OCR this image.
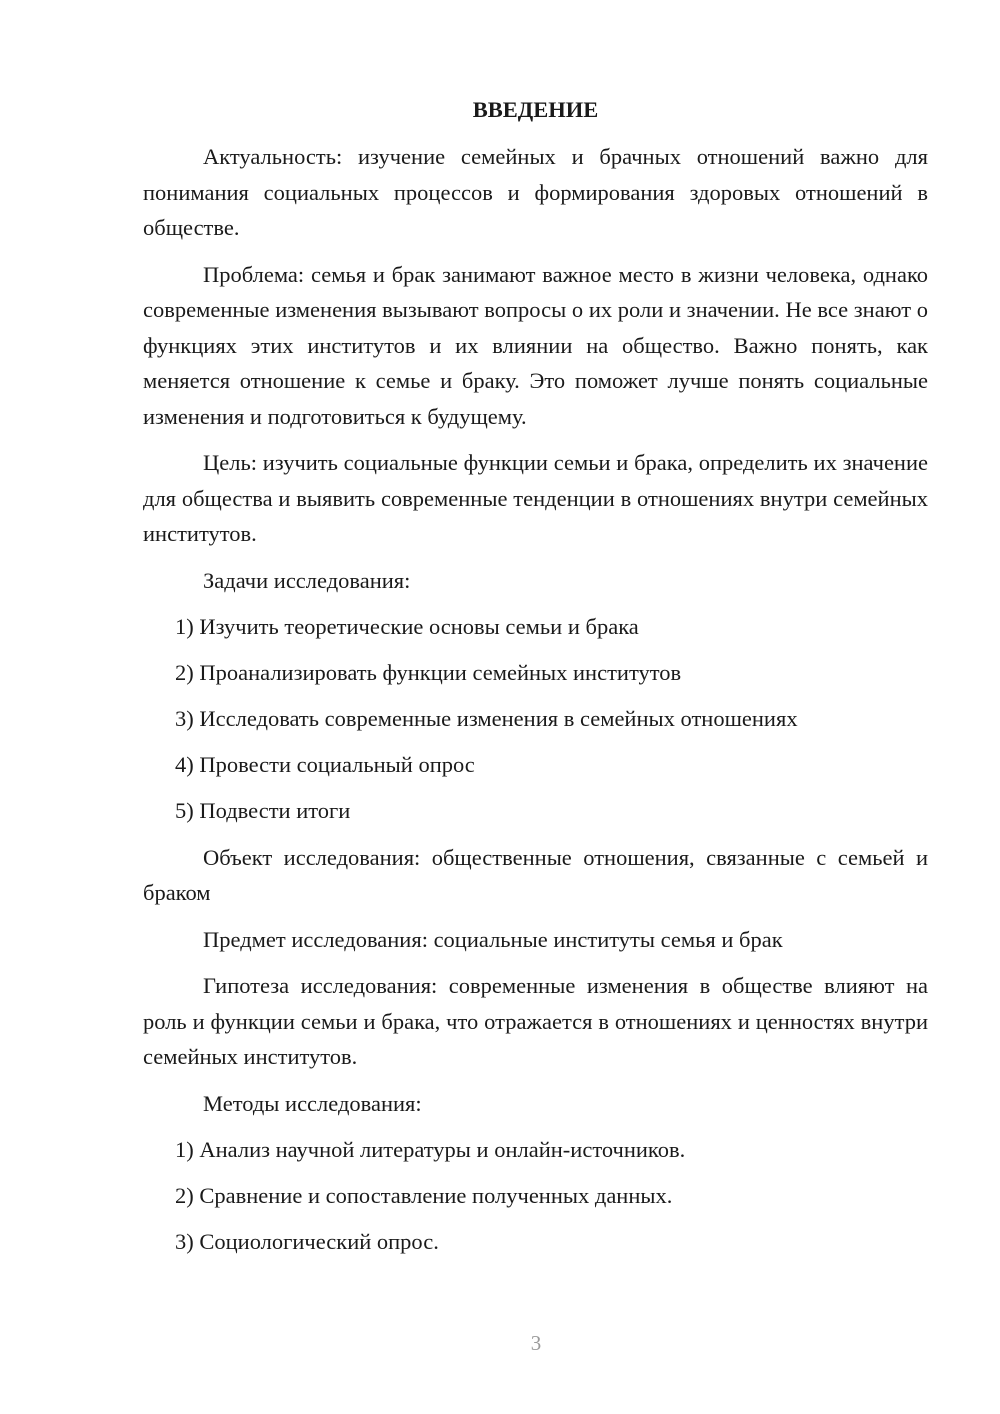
ВВЕДЕНИЕ

Актуальность: изучение семейных и брачных отношений важно для понимания социальных процессов и формирования здоровых отношений в обществе.

Проблема: семья и брак занимают важное место в жизни человека, однако современные изменения вызывают вопросы о их роли и значении. Не все знают о функциях этих институтов и их влиянии на общество. Важно понять, как меняется отношение к семье и браку. Это поможет лучше понять социальные изменения и подготовиться к будущему.

Цель: изучить социальные функции семьи и брака, определить их значение для общества и выявить современные тенденции в отношениях внутри семейных институтов.

Задачи исследования:

1) Изучить теоретические основы семьи и брака

2) Проанализировать функции семейных институтов

3) Исследовать современные изменения в семейных отношениях

4) Провести социальный опрос

5) Подвести итоги

Объект исследования: общественные отношения, связанные с семьей и браком

Предмет исследования: социальные институты семья и брак

Гипотеза исследования: современные изменения в обществе влияют на роль и функции семьи и брака, что отражается в отношениях и ценностях внутри семейных институтов.

Методы исследования:

1) Анализ научной литературы и онлайн-источников.

2) Сравнение и сопоставление полученных данных.

3) Социологический опрос.

3
